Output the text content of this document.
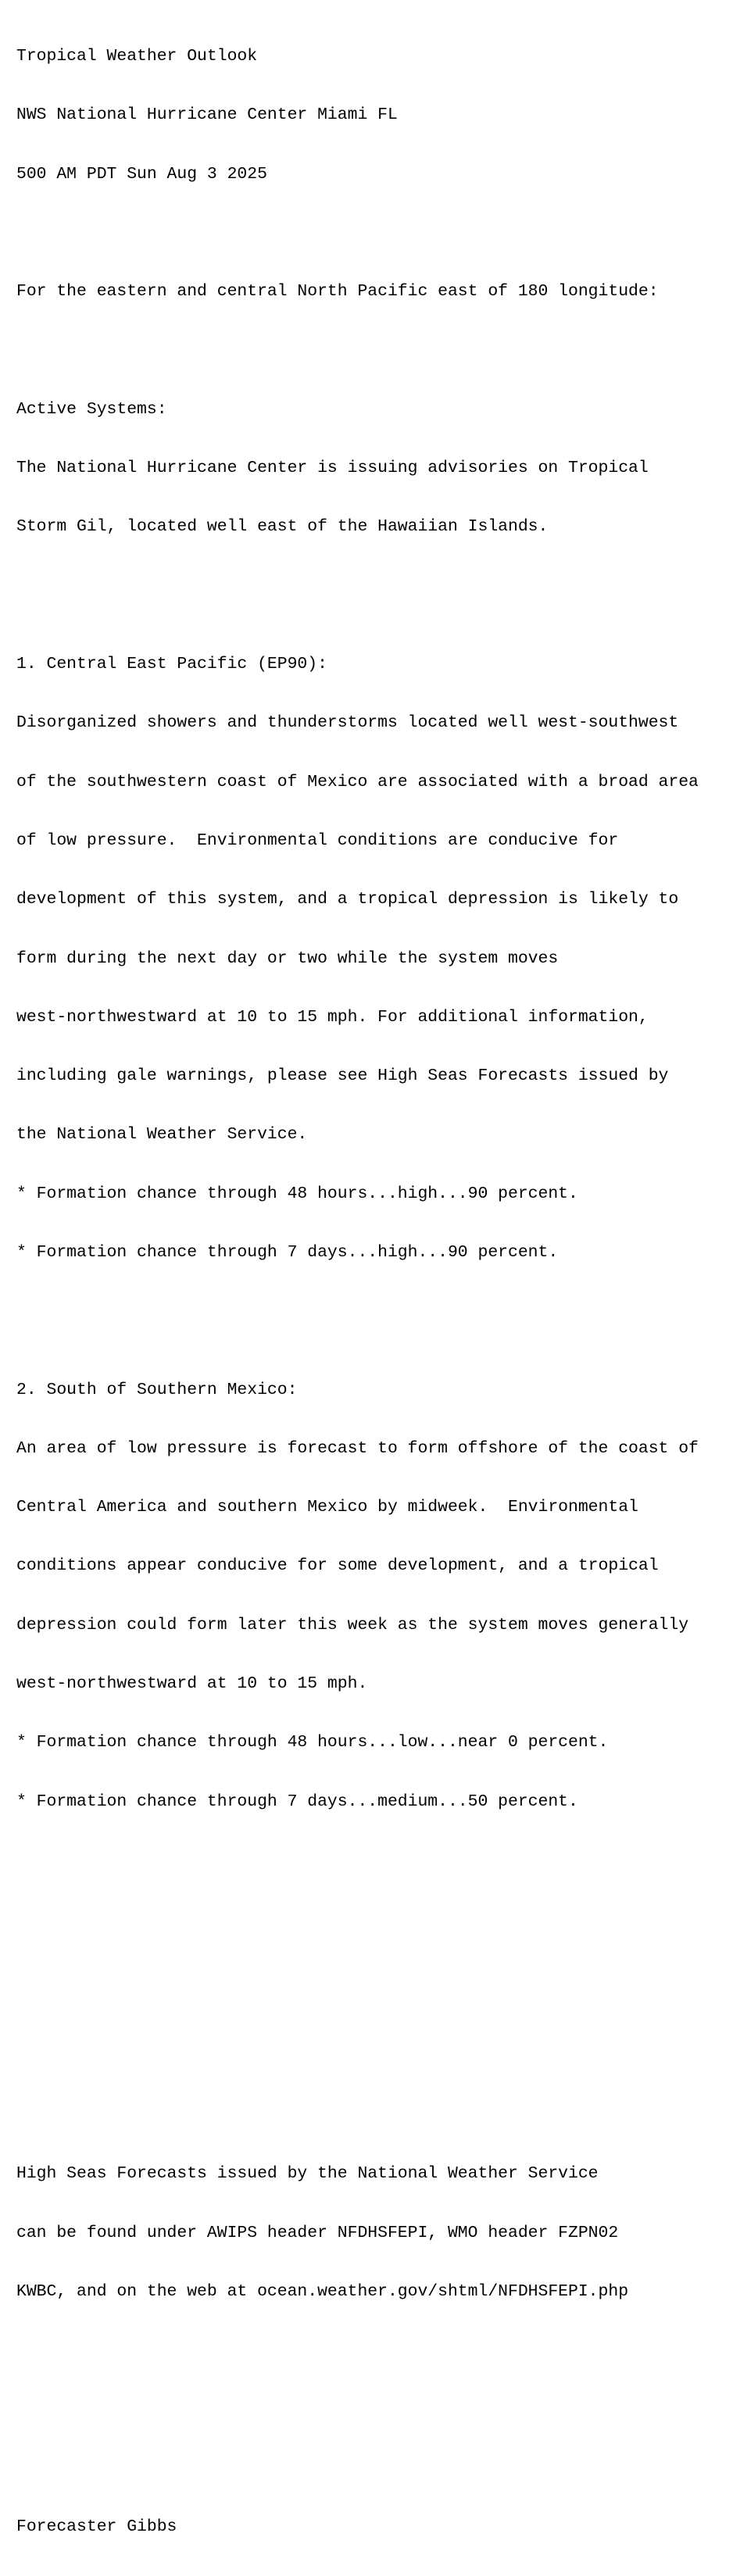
Tropical Weather Outlook

NWS National Hurricane Center Miami FL

500 AM PDT Sun Aug 3 2025

For the eastern and central North Pacific east of 180 longitude:

Active Systems:

The National Hurricane Center is issuing advisories on Tropical

Storm Gil, located well east of the Hawaiian Islands.

1. Central East Pacific (EP90):

Disorganized showers and thunderstorms located well west-southwest

of the southwestern coast of Mexico are associated with a broad area

of low pressure.  Environmental conditions are conducive for

development of this system, and a tropical depression is likely to

form during the next day or two while the system moves

west-northwestward at 10 to 15 mph. For additional information,

including gale warnings, please see High Seas Forecasts issued by

the National Weather Service.

* Formation chance through 48 hours...high...90 percent.

* Formation chance through 7 days...high...90 percent.

2. South of Southern Mexico:

An area of low pressure is forecast to form offshore of the coast of

Central America and southern Mexico by midweek.  Environmental

conditions appear conducive for some development, and a tropical

depression could form later this week as the system moves generally

west-northwestward at 10 to 15 mph.

* Formation chance through 48 hours...low...near 0 percent.

* Formation chance through 7 days...medium...50 percent.

High Seas Forecasts issued by the National Weather Service

can be found under AWIPS header NFDHSFEPI, WMO header FZPN02

KWBC, and on the web at ocean.weather.gov/shtml/NFDHSFEPI.php

Forecaster Gibbs
